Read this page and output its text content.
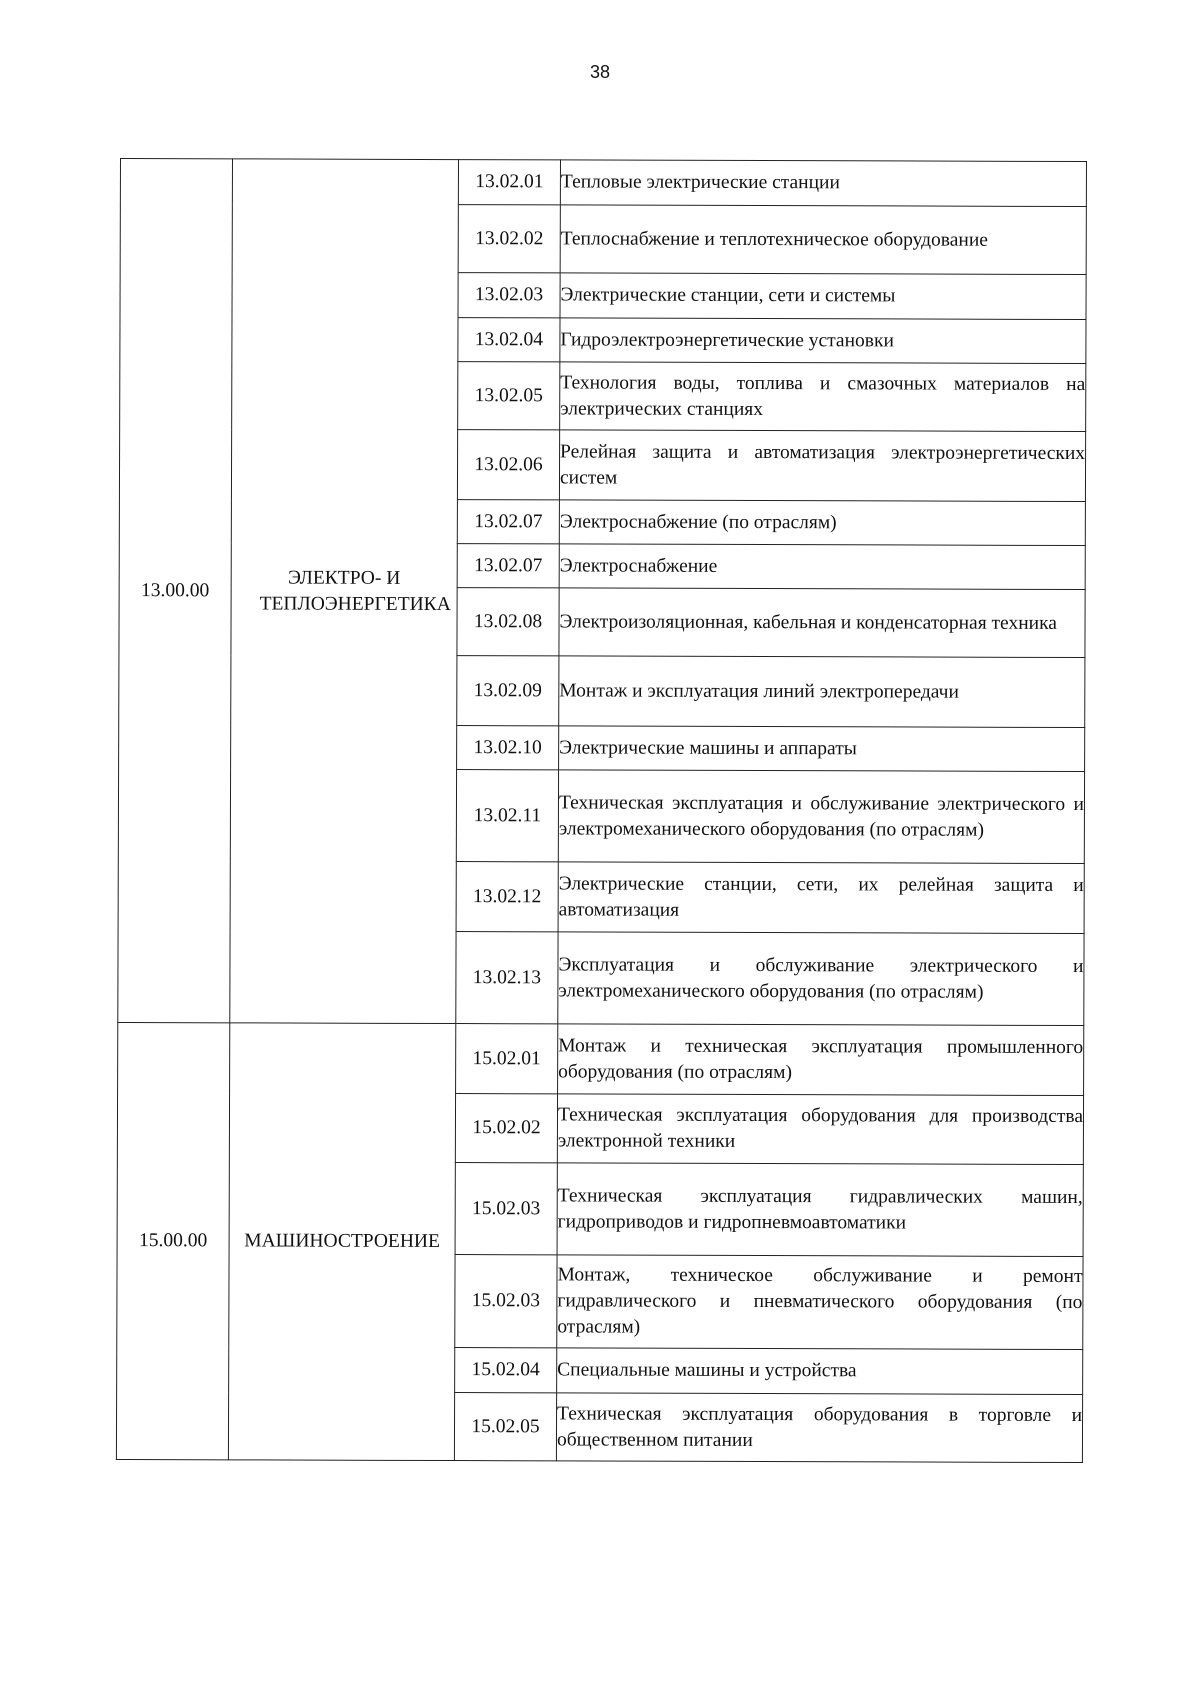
38
13.00.00	ЭЛЕКТРО- И ТЕПЛОЭНЕРГЕТИКА	13.02.01	Тепловые электрические станции
		13.02.02	Теплоснабжение и теплотехническое оборудование
		13.02.03	Электрические станции, сети и системы
		13.02.04	Гидроэлектроэнергетические установки
		13.02.05	Технология воды, топлива и смазочных материалов на электрических станциях
		13.02.06	Релейная защита и автоматизация электроэнергетических систем
		13.02.07	Электроснабжение (по отраслям)
		13.02.07	Электроснабжение
		13.02.08	Электроизоляционная, кабельная и конденсаторная техника
		13.02.09	Монтаж и эксплуатация линий электропередачи
		13.02.10	Электрические машины и аппараты
		13.02.11	Техническая эксплуатация и обслуживание электрического и электромеханического оборудования (по отраслям)
		13.02.12	Электрические станции, сети, их релейная защита и автоматизация
		13.02.13	Эксплуатация и обслуживание электрического и электромеханического оборудования (по отраслям)
15.00.00	МАШИНОСТРОЕНИЕ	15.02.01	Монтаж и техническая эксплуатация промышленного оборудования (по отраслям)
		15.02.02	Техническая эксплуатация оборудования для производства электронной техники
		15.02.03	Техническая эксплуатация гидравлических машин, гидроприводов и гидропневмоавтоматики
		15.02.03	Монтаж, техническое обслуживание и ремонт гидравлического и пневматического оборудования (по отраслям)
		15.02.04	Специальные машины и устройства
		15.02.05	Техническая эксплуатация оборудования в торговле и общественном питании
